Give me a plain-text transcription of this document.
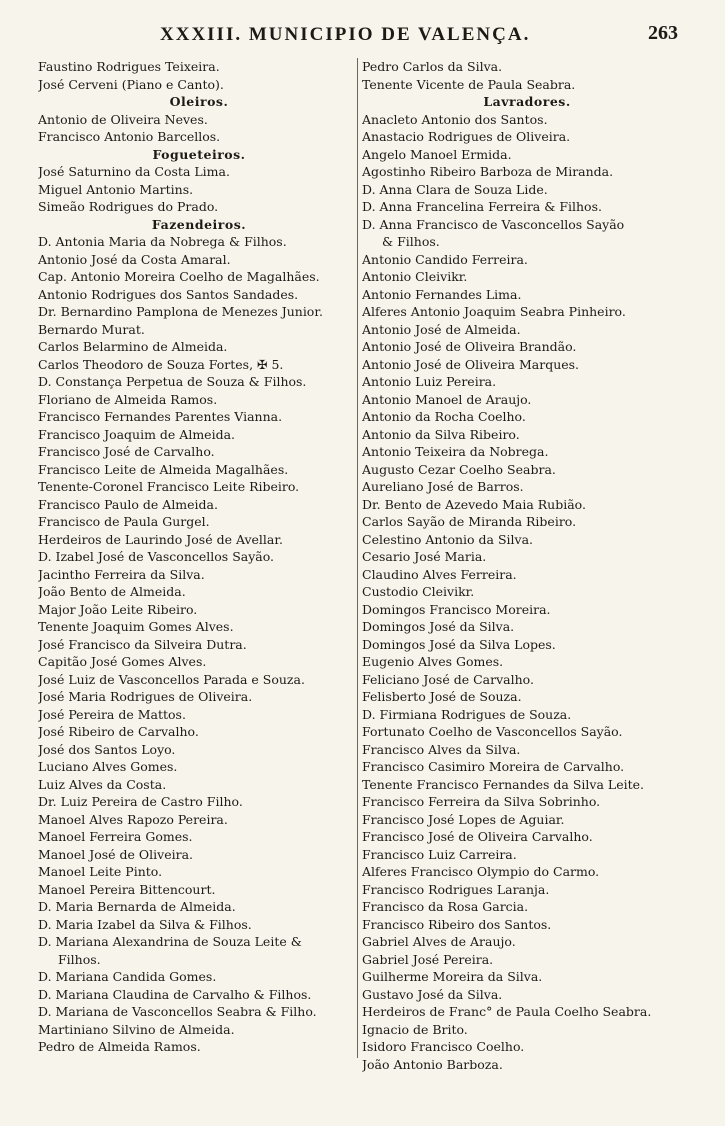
XXXIII. MUNICIPIO DE VALENÇA.	263
Faustino Rodrigues Teixeira.
José Cerveni (Piano e Canto).
Oleiros.
Antonio de Oliveira Neves.
Francisco Antonio Barcellos.
Fogueteiros.
José Saturnino da Costa Lima.
Miguel Antonio Martins.
Simeão Rodrigues do Prado.
Fazendeiros.
D. Antonia Maria da Nobrega & Filhos.
Antonio José da Costa Amaral.
Cap. Antonio Moreira Coelho de Magalhães.
Antonio Rodrigues dos Santos Sandades.
Dr. Bernardino Pamplona de Menezes Junior.
Bernardo Murat.
Carlos Belarmino de Almeida.
Carlos Theodoro de Souza Fortes, ✠ 5.
D. Constança Perpetua de Souza & Filhos.
Floriano de Almeida Ramos.
Francisco Fernandes Parentes Vianna.
Francisco Joaquim de Almeida.
Francisco José de Carvalho.
Francisco Leite de Almeida Magalhães.
Tenente-Coronel Francisco Leite Ribeiro.
Francisco Paulo de Almeida.
Francisco de Paula Gurgel.
Herdeiros de Laurindo José de Avellar.
D. Izabel José de Vasconcellos Sayão.
Jacintho Ferreira da Silva.
João Bento de Almeida.
Major João Leite Ribeiro.
Tenente Joaquim Gomes Alves.
José Francisco da Silveira Dutra.
Capitão José Gomes Alves.
José Luiz de Vasconcellos Parada e Souza.
José Maria Rodrigues de Oliveira.
José Pereira de Mattos.
José Ribeiro de Carvalho.
José dos Santos Loyo.
Luciano Alves Gomes.
Luiz Alves da Costa.
Dr. Luiz Pereira de Castro Filho.
Manoel Alves Rapozo Pereira.
Manoel Ferreira Gomes.
Manoel José de Oliveira.
Manoel Leite Pinto.
Manoel Pereira Bittencourt.
D. Maria Bernarda de Almeida.
D. Maria Izabel da Silva & Filhos.
D. Mariana Alexandrina de Souza Leite &
Filhos.
D. Mariana Candida Gomes.
D. Mariana Claudina de Carvalho & Filhos.
D. Mariana de Vasconcellos Seabra & Filho.
Martiniano Silvino de Almeida.
Pedro de Almeida Ramos.
Pedro Carlos da Silva.
Tenente Vicente de Paula Seabra.
Lavradores.
Anacleto Antonio dos Santos.
Anastacio Rodrigues de Oliveira.
Angelo Manoel Ermida.
Agostinho Ribeiro Barboza de Miranda.
D. Anna Clara de Souza Lide.
D. Anna Francelina Ferreira & Filhos.
D. Anna Francisco de Vasconcellos Sayão
& Filhos.
Antonio Candido Ferreira.
Antonio Cleivikr.
Antonio Fernandes Lima.
Alferes Antonio Joaquim Seabra Pinheiro.
Antonio José de Almeida.
Antonio José de Oliveira Brandão.
Antonio José de Oliveira Marques.
Antonio Luiz Pereira.
Antonio Manoel de Araujo.
Antonio da Rocha Coelho.
Antonio da Silva Ribeiro.
Antonio Teixeira da Nobrega.
Augusto Cezar Coelho Seabra.
Aureliano José de Barros.
Dr. Bento de Azevedo Maia Rubião.
Carlos Sayão de Miranda Ribeiro.
Celestino Antonio da Silva.
Cesario José Maria.
Claudino Alves Ferreira.
Custodio Cleivikr.
Domingos Francisco Moreira.
Domingos José da Silva.
Domingos José da Silva Lopes.
Eugenio Alves Gomes.
Feliciano José de Carvalho.
Felisberto José de Souza.
D. Firmiana Rodrigues de Souza.
Fortunato Coelho de Vasconcellos Sayão.
Francisco Alves da Silva.
Francisco Casimiro Moreira de Carvalho.
Tenente Francisco Fernandes da Silva Leite.
Francisco Ferreira da Silva Sobrinho.
Francisco José Lopes de Aguiar.
Francisco José de Oliveira Carvalho.
Francisco Luiz Carreira.
Alferes Francisco Olympio do Carmo.
Francisco Rodrigues Laranja.
Francisco da Rosa Garcia.
Francisco Ribeiro dos Santos.
Gabriel Alves de Araujo.
Gabriel José Pereira.
Guilherme Moreira da Silva.
Gustavo José da Silva.
Herdeiros de Franc° de Paula Coelho Seabra.
Ignacio de Brito.
Isidoro Francisco Coelho.
João Antonio Barboza.
